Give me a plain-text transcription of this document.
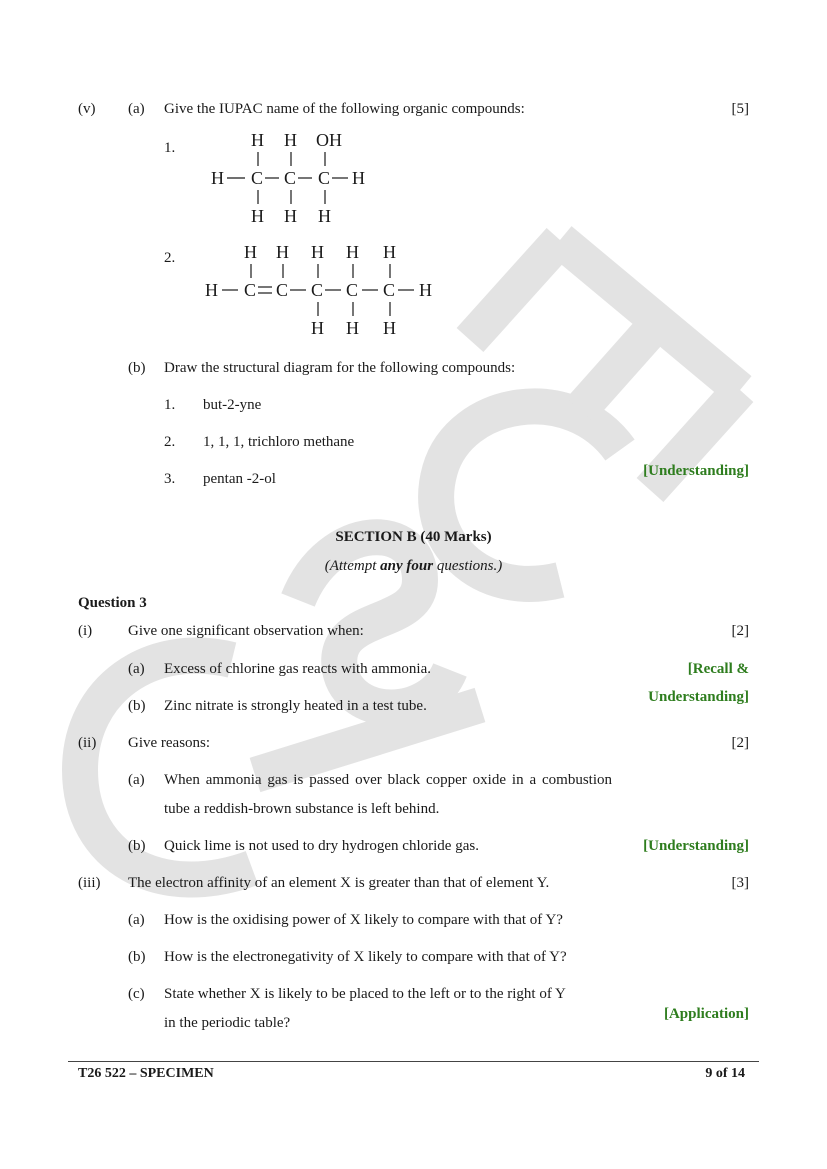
(v) (a) Give the IUPAC name of the following organic compounds:	[5]
1.	H H OH
H C C C H
H H H
2.	H H H H H
H C C C C C H
H H H
(b) Draw the structural diagram for the following compounds:
1. but-2-yne
2. 1, 1, 1, trichloro methane
3. pentan -2-ol	[Understanding]
SECTION B (40 Marks)
(Attempt any four questions.)
Question 3
(i) Give one significant observation when:	[2]
(a) Excess of chlorine gas reacts with ammonia.
(b) Zinc nitrate is strongly heated in a test tube.
[Recall &
Understanding]
(ii) Give reasons:	[2]
(a) When ammonia gas is passed over black copper oxide in a combustion tube a reddish-brown substance is left behind.
(b) Quick lime is not used to dry hydrogen chloride gas.	[Understanding]
(iii) The electron affinity of an element X is greater than that of element Y.	[3]
(a) How is the oxidising power of X likely to compare with that of Y?
(b) How is the electronegativity of X likely to compare with that of Y?
(c) State whether X is likely to be placed to the left or to the right of Y
in the periodic table?
[Application]
T26 522 – SPECIMEN	9 of 14
